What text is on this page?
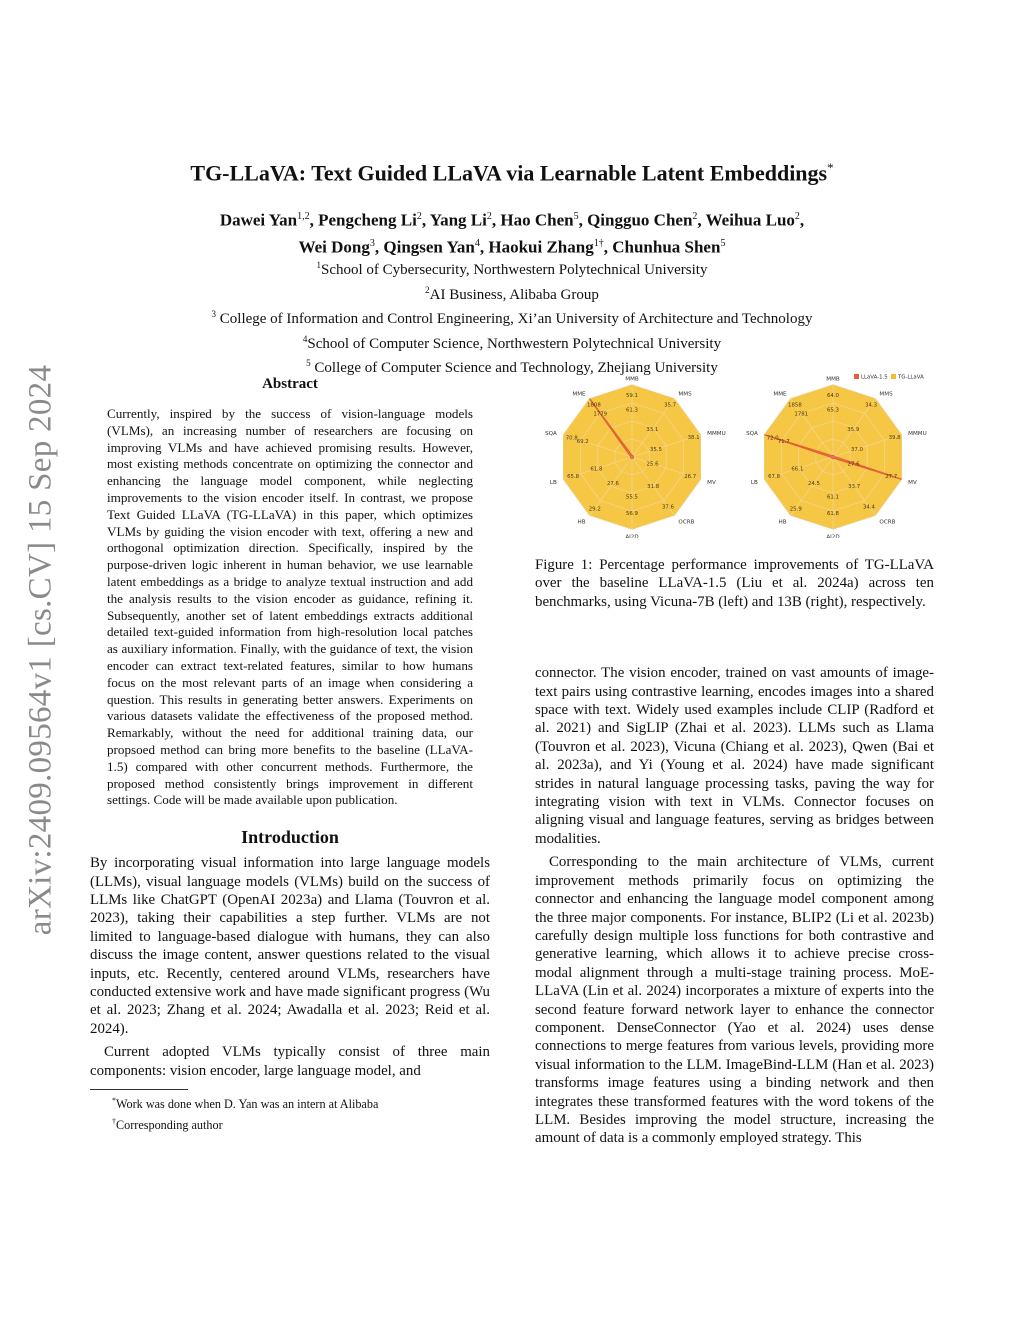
arXiv:2409.09564v1 [cs.CV] 15 Sep 2024
TG-LLaVA: Text Guided LLaVA via Learnable Latent Embeddings*
Dawei Yan$^{1,2}$, Pengcheng Li$^2$, Yang Li$^2$, Hao Chen$^5$, Qingguo Chen$^2$, Weihua Luo$^2$,
Wei Dong$^3$, Qingsen Yan$^4$, Haokui Zhang$^{1\dagger}$, Chunhua Shen$^5$
$^1$School of Cybersecurity, Northwestern Polytechnical University
$^2$AI Business, Alibaba Group
$^3$ College of Information and Control Engineering, Xi’an University of Architecture and Technology
$^4$School of Computer Science, Northwestern Polytechnical University
$^5$ College of Computer Science and Technology, Zhejiang University
Abstract
Currently, inspired by the success of vision-language models (VLMs), an increasing number of researchers are focusing on improving VLMs and have achieved promising results. However, most existing methods concentrate on optimizing the connector and enhancing the language model component, while neglecting improvements to the vision encoder itself. In contrast, we propose Text Guided LLaVA (TG-LLaVA) in this paper, which optimizes VLMs by guiding the vision encoder with text, offering a new and orthogonal optimization direction. Specifically, inspired by the purpose-driven logic inherent in human behavior, we use learnable latent embeddings as a bridge to analyze textual instruction and add the analysis results to the vision encoder as guidance, refining it. Subsequently, another set of latent embeddings extracts additional detailed text-guided information from high-resolution local patches as auxiliary information. Finally, with the guidance of text, the vision encoder can extract text-related features, similar to how humans focus on the most relevant parts of an image when considering a question. This results in generating better answers. Experiments on various datasets validate the effectiveness of the proposed method. Remarkably, without the need for additional training data, our propsoed method can bring more benefits to the baseline (LLaVA-1.5) compared with other concurrent methods. Furthermore, the proposed method consistently brings improvement in different settings. Code will be made available upon publication.
Introduction

By incorporating visual information into large language models (LLMs), visual language models (VLMs) build on the success of LLMs like ChatGPT (OpenAI 2023a) and Llama (Touvron et al. 2023), taking their capabilities a step further. VLMs are not limited to language-based dialogue with humans, they can also discuss the image content, answer questions related to the visual inputs, etc. Recently, centered around VLMs, researchers have conducted extensive work and have made significant progress (Wu et al. 2023; Zhang et al. 2024; Awadalla et al. 2023; Reid et al. 2024).

Current adopted VLMs typically consist of three main components: vision encoder, large language model, and

*Work was done when D. Yan was an intern at Alibaba
†Corresponding author
MMB
MMS
MMMU
MV
OCRB
AI2D
HB
LB
SQA
MME
61.3
59.1
33.1
35.7
35.5
38.1
25.6
26.7
31.8
37.6
55.5
56.9
27.6
29.2
61.8
65.8
69.2
70.8
1779
1808
MMB
MMS
MMMU
MV
OCRB
AI2D
HB
LB
SQA
MME
65.3
64.0
35.9
34.3
37.0
39.8
27.6
27.7
33.7
34.4
61.1
61.8
24.5
25.9
66.1
67.8
71.7
72.0
1781
1858
LLaVA-1.5 TG-LLaVA
Figure 1: Percentage performance improvements of TG-LLaVA over the baseline LLaVA-1.5 (Liu et al. 2024a) across ten benchmarks, using Vicuna-7B (left) and 13B (right), respectively.

connector. The vision encoder, trained on vast amounts of image-text pairs using contrastive learning, encodes images into a shared space with text. Widely used examples include CLIP (Radford et al. 2021) and SigLIP (Zhai et al. 2023). LLMs such as Llama (Touvron et al. 2023), Vicuna (Chiang et al. 2023), Qwen (Bai et al. 2023a), and Yi (Young et al. 2024) have made significant strides in natural language processing tasks, paving the way for integrating vision with text in VLMs. Connector focuses on aligning visual and language features, serving as bridges between modalities.

Corresponding to the main architecture of VLMs, current improvement methods primarily focus on optimizing the connector and enhancing the language model component among the three major components. For instance, BLIP2 (Li et al. 2023b) carefully design multiple loss functions for both contrastive and generative learning, which allows it to achieve precise cross-modal alignment through a multi-stage training process. MoE-LLaVA (Lin et al. 2024) incorporates a mixture of experts into the second feature forward network layer to enhance the connector component. DenseConnector (Yao et al. 2024) uses dense connections to merge features from various levels, providing more visual information to the LLM. ImageBind-LLM (Han et al. 2023) transforms image features using a binding network and then integrates these transformed features with the word tokens of the LLM. Besides improving the model structure, increasing the amount of data is a commonly employed strategy. This
